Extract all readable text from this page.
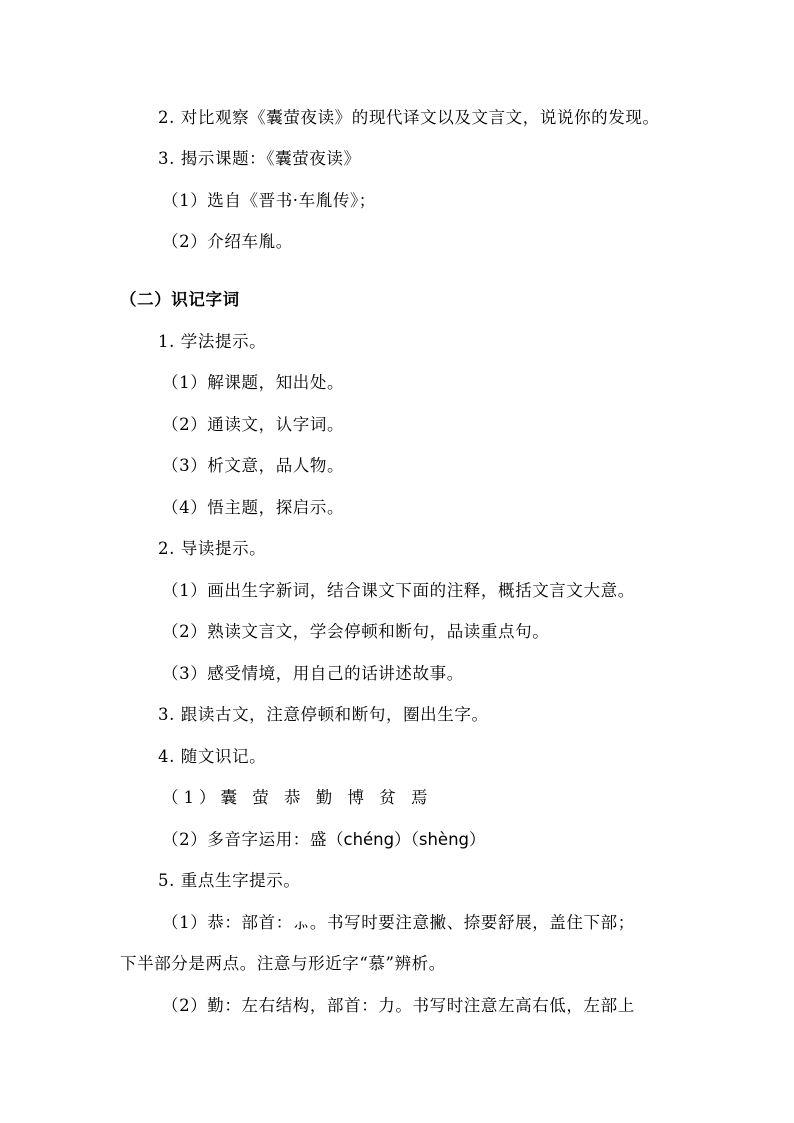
2. 对比观察《囊萤夜读》的现代译文以及文言文，说说你的发现。
3. 揭示课题：《囊萤夜读》
（1）选自《晋书·车胤传》；
（2）介绍车胤。
（二）识记字词
1. 学法提示。
（1）解课题，知出处。
（2）通读文，认字词。
（3）析文意，品人物。
（4）悟主题，探启示。
2. 导读提示。
（1）画出生字新词，结合课文下面的注释，概括文言文大意。
（2）熟读文言文，学会停顿和断句，品读重点句。
（3）感受情境，用自己的话讲述故事。
3. 跟读古文，注意停顿和断句，圈出生字。
4. 随文识记。
（1）囊 萤 恭 勤 博 贫 焉
（2）多音字运用：盛（chéng）（shèng）
5. 重点生字提示。
（1）恭：部首：⺗。书写时要注意撇、捺要舒展，盖住下部；
下半部分是两点。注意与形近字“慕”辨析。
（2）勤：左右结构，部首：力。书写时注意左高右低，左部上
